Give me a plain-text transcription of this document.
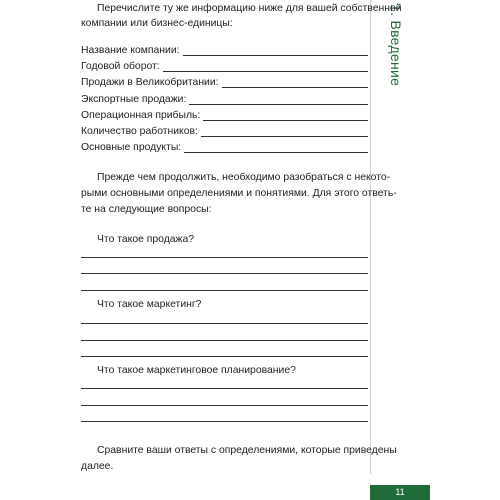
1. Введение
Перечислите ту же информацию ниже для вашей собственной
компании или бизнес-единицы:
Название компании:
Годовой оборот:
Продажи в Великобритании:
Экспортные продажи:
Операционная прибыль:
Количество работников:
Основные продукты:
Прежде чем продолжить, необходимо разобраться с некото-
рыми основными определениями и понятиями. Для этого ответь-
те на следующие вопросы:
Что такое продажа?
Что такое маркетинг?
Что такое маркетинговое планирование?
Сравните ваши ответы с определениями, которые приведены
далее.
11
